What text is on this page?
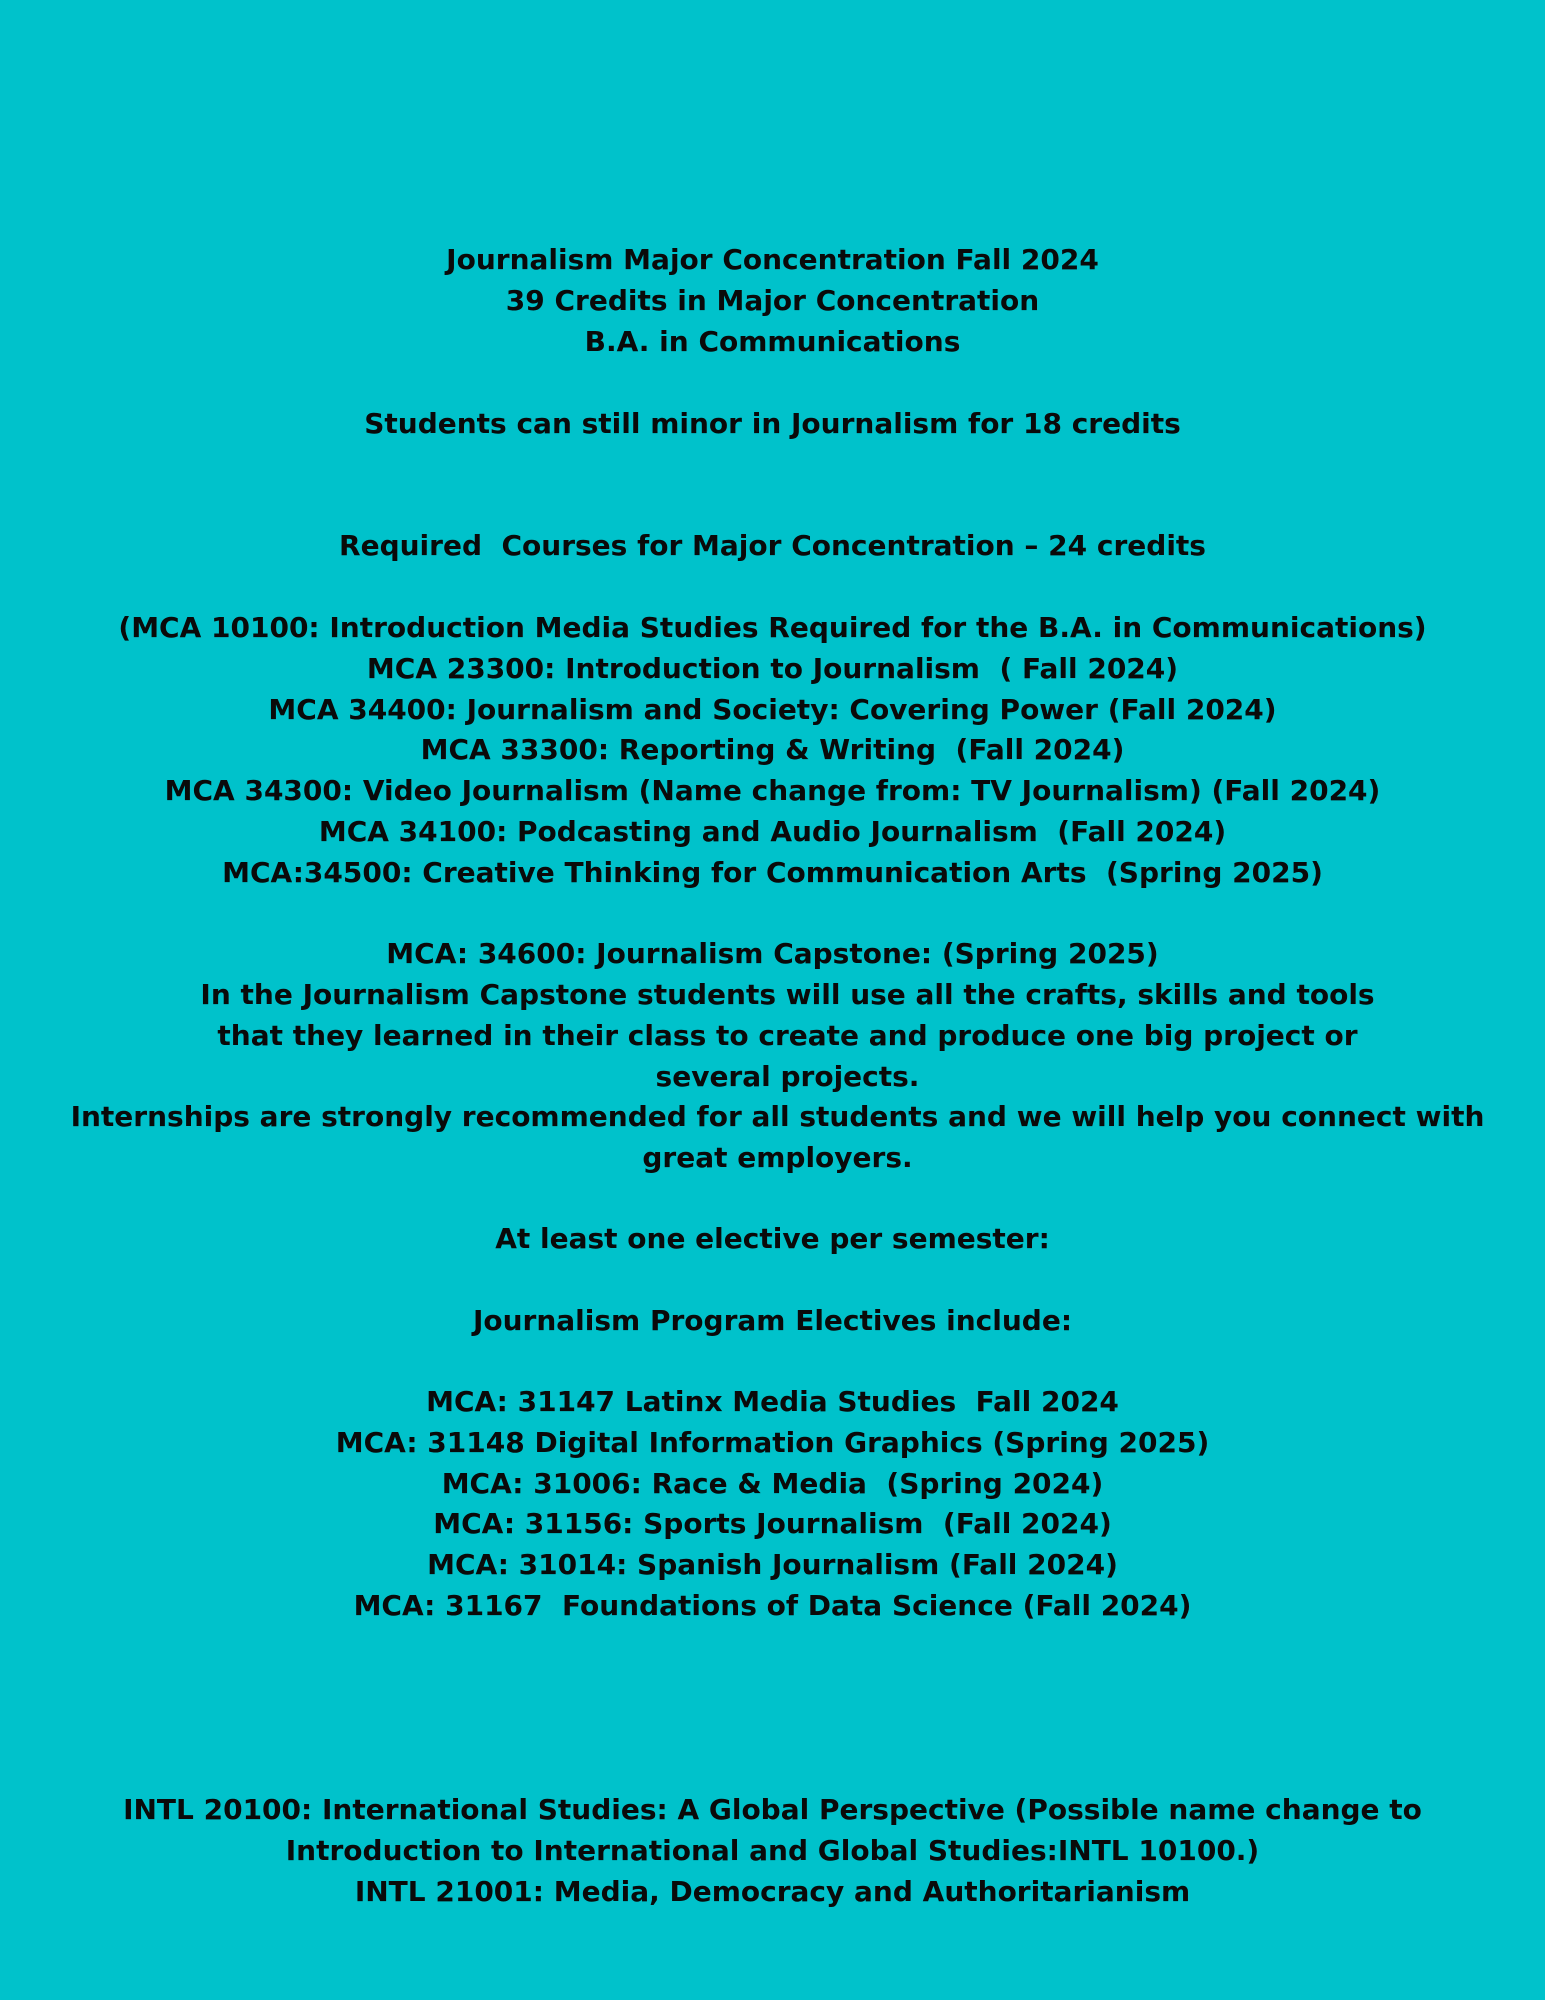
Journalism Major Concentration Fall 2024
39 Credits in Major Concentration
B.A. in Communications
Students can still minor in Journalism for 18 credits
Required  Courses for Major Concentration – 24 credits
(MCA 10100: Introduction Media Studies Required for the B.A. in Communications)
MCA 23300: Introduction to Journalism  ( Fall 2024)
MCA 34400: Journalism and Society: Covering Power (Fall 2024)
MCA 33300: Reporting & Writing  (Fall 2024)
MCA 34300: Video Journalism (Name change from: TV Journalism) (Fall 2024)
MCA 34100: Podcasting and Audio Journalism  (Fall 2024)
MCA:34500: Creative Thinking for Communication Arts  (Spring 2025)
MCA: 34600: Journalism Capstone: (Spring 2025)
In the Journalism Capstone students will use all the crafts, skills and tools that they learned in their class to create and produce one big project or several projects.
Internships are strongly recommended for all students and we will help you connect with great employers.
At least one elective per semester:
Journalism Program Electives include:
MCA: 31147 Latinx Media Studies  Fall 2024
MCA: 31148 Digital Information Graphics (Spring 2025)
MCA: 31006: Race & Media  (Spring 2024)
MCA: 31156: Sports Journalism  (Fall 2024)
MCA: 31014: Spanish Journalism (Fall 2024)
MCA: 31167  Foundations of Data Science (Fall 2024)
INTL 20100: International Studies: A Global Perspective (Possible name change to Introduction to International and Global Studies:INTL 10100.)
INTL 21001: Media, Democracy and Authoritarianism
